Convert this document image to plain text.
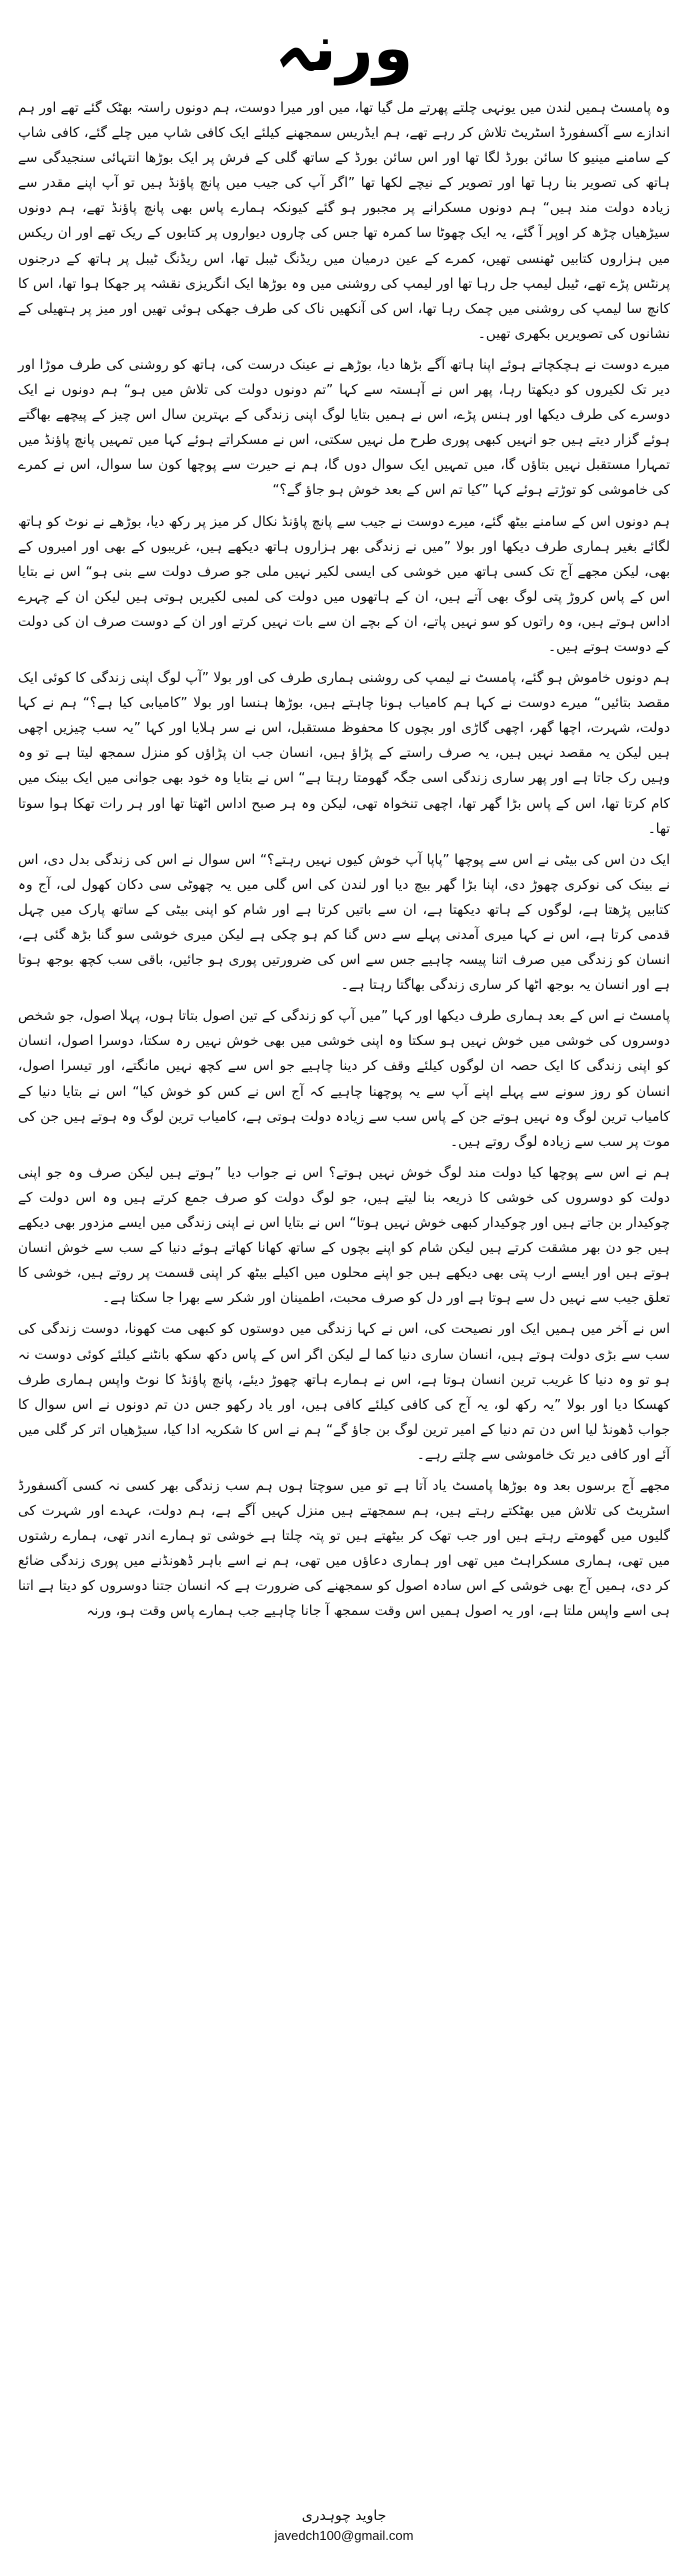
ورنہ

وہ پامسٹ ہمیں لندن میں یونہی چلتے پھرتے مل گیا تھا، میں اور میرا دوست، ہم دونوں راستہ بھٹک گئے تھے اور ہم اندازے سے آکسفورڈ اسٹریٹ تلاش کر رہے تھے، ہم ایڈریس سمجھنے کیلئے ایک کافی شاپ میں چلے گئے، کافی شاپ کے سامنے مینیو کا سائن بورڈ لگا تھا اور اس سائن بورڈ کے ساتھ گلی کے فرش پر ایک بوڑھا انتہائی سنجیدگی سے ہاتھ کی تصویر بنا رہا تھا اور تصویر کے نیچے لکھا تھا ”اگر آپ کی جیب میں پانچ پاؤنڈ ہیں تو آپ اپنے مقدر سے زیادہ دولت مند ہیں“ ہم دونوں مسکرانے پر مجبور ہو گئے کیونکہ ہمارے پاس بھی پانچ پاؤنڈ تھے، ہم دونوں سیڑھیاں چڑھ کر اوپر آ گئے، یہ ایک چھوٹا سا کمرہ تھا جس کی چاروں دیواروں پر کتابوں کے ریک تھے اور ان ریکس میں ہزاروں کتابیں ٹھنسی تھیں، کمرے کے عین درمیان میں ریڈنگ ٹیبل تھا، اس ریڈنگ ٹیبل پر ہاتھ کے درجنوں پرنٹس پڑے تھے، ٹیبل لیمپ جل رہا تھا اور لیمپ کی روشنی میں وہ بوڑھا ایک انگریزی نقشہ پر جھکا ہوا تھا، اس کا کانچ سا لیمپ کی روشنی میں چمک رہا تھا، اس کی آنکھیں ناک کی طرف جھکی ہوئی تھیں اور میز پر ہتھیلی کے نشانوں کی تصویریں بکھری تھیں۔

میرے دوست نے ہچکچاتے ہوئے اپنا ہاتھ آگے بڑھا دیا، بوڑھے نے عینک درست کی، ہاتھ کو روشنی کی طرف موڑا اور دیر تک لکیروں کو دیکھتا رہا، پھر اس نے آہستہ سے کہا ”تم دونوں دولت کی تلاش میں ہو“ ہم دونوں نے ایک دوسرے کی طرف دیکھا اور ہنس پڑے، اس نے ہمیں بتایا لوگ اپنی زندگی کے بہترین سال اس چیز کے پیچھے بھاگتے ہوئے گزار دیتے ہیں جو انہیں کبھی پوری طرح مل نہیں سکتی، اس نے مسکراتے ہوئے کہا میں تمہیں پانچ پاؤنڈ میں تمہارا مستقبل نہیں بتاؤں گا، میں تمہیں ایک سوال دوں گا، ہم نے حیرت سے پوچھا کون سا سوال، اس نے کمرے کی خاموشی کو توڑتے ہوئے کہا ”کیا تم اس کے بعد خوش ہو جاؤ گے؟“

ہم دونوں اس کے سامنے بیٹھ گئے، میرے دوست نے جیب سے پانچ پاؤنڈ نکال کر میز پر رکھ دیا، بوڑھے نے نوٹ کو ہاتھ لگائے بغیر ہماری طرف دیکھا اور بولا ”میں نے زندگی بھر ہزاروں ہاتھ دیکھے ہیں، غریبوں کے بھی اور امیروں کے بھی، لیکن مجھے آج تک کسی ہاتھ میں خوشی کی ایسی لکیر نہیں ملی جو صرف دولت سے بنی ہو“ اس نے بتایا اس کے پاس کروڑ پتی لوگ بھی آتے ہیں، ان کے ہاتھوں میں دولت کی لمبی لکیریں ہوتی ہیں لیکن ان کے چہرے اداس ہوتے ہیں، وہ راتوں کو سو نہیں پاتے، ان کے بچے ان سے بات نہیں کرتے اور ان کے دوست صرف ان کی دولت کے دوست ہوتے ہیں۔

ہم دونوں خاموش ہو گئے، پامسٹ نے لیمپ کی روشنی ہماری طرف کی اور بولا ”آپ لوگ اپنی زندگی کا کوئی ایک مقصد بتائیں“ میرے دوست نے کہا ہم کامیاب ہونا چاہتے ہیں، بوڑھا ہنسا اور بولا ”کامیابی کیا ہے؟“ ہم نے کہا دولت، شہرت، اچھا گھر، اچھی گاڑی اور بچوں کا محفوظ مستقبل، اس نے سر ہلایا اور کہا ”یہ سب چیزیں اچھی ہیں لیکن یہ مقصد نہیں ہیں، یہ صرف راستے کے پڑاؤ ہیں، انسان جب ان پڑاؤں کو منزل سمجھ لیتا ہے تو وہ وہیں رک جاتا ہے اور پھر ساری زندگی اسی جگہ گھومتا رہتا ہے“ اس نے بتایا وہ خود بھی جوانی میں ایک بینک میں کام کرتا تھا، اس کے پاس بڑا گھر تھا، اچھی تنخواہ تھی، لیکن وہ ہر صبح اداس اٹھتا تھا اور ہر رات تھکا ہوا سوتا تھا۔

ایک دن اس کی بیٹی نے اس سے پوچھا ”پاپا آپ خوش کیوں نہیں رہتے؟“ اس سوال نے اس کی زندگی بدل دی، اس نے بینک کی نوکری چھوڑ دی، اپنا بڑا گھر بیچ دیا اور لندن کی اس گلی میں یہ چھوٹی سی دکان کھول لی، آج وہ کتابیں پڑھتا ہے، لوگوں کے ہاتھ دیکھتا ہے، ان سے باتیں کرتا ہے اور شام کو اپنی بیٹی کے ساتھ پارک میں چہل قدمی کرتا ہے، اس نے کہا میری آمدنی پہلے سے دس گنا کم ہو چکی ہے لیکن میری خوشی سو گنا بڑھ گئی ہے، انسان کو زندگی میں صرف اتنا پیسہ چاہیے جس سے اس کی ضرورتیں پوری ہو جائیں، باقی سب کچھ بوجھ ہوتا ہے اور انسان یہ بوجھ اٹھا کر ساری زندگی بھاگتا رہتا ہے۔

پامسٹ نے اس کے بعد ہماری طرف دیکھا اور کہا ”میں آپ کو زندگی کے تین اصول بتاتا ہوں، پہلا اصول، جو شخص دوسروں کی خوشی میں خوش نہیں ہو سکتا وہ اپنی خوشی میں بھی خوش نہیں رہ سکتا، دوسرا اصول، انسان کو اپنی زندگی کا ایک حصہ ان لوگوں کیلئے وقف کر دینا چاہیے جو اس سے کچھ نہیں مانگتے، اور تیسرا اصول، انسان کو روز سونے سے پہلے اپنے آپ سے یہ پوچھنا چاہیے کہ آج اس نے کس کو خوش کیا“ اس نے بتایا دنیا کے کامیاب ترین لوگ وہ نہیں ہوتے جن کے پاس سب سے زیادہ دولت ہوتی ہے، کامیاب ترین لوگ وہ ہوتے ہیں جن کی موت پر سب سے زیادہ لوگ روتے ہیں۔

ہم نے اس سے پوچھا کیا دولت مند لوگ خوش نہیں ہوتے؟ اس نے جواب دیا ”ہوتے ہیں لیکن صرف وہ جو اپنی دولت کو دوسروں کی خوشی کا ذریعہ بنا لیتے ہیں، جو لوگ دولت کو صرف جمع کرتے ہیں وہ اس دولت کے چوکیدار بن جاتے ہیں اور چوکیدار کبھی خوش نہیں ہوتا“ اس نے بتایا اس نے اپنی زندگی میں ایسے مزدور بھی دیکھے ہیں جو دن بھر مشقت کرتے ہیں لیکن شام کو اپنے بچوں کے ساتھ کھانا کھاتے ہوئے دنیا کے سب سے خوش انسان ہوتے ہیں اور ایسے ارب پتی بھی دیکھے ہیں جو اپنے محلوں میں اکیلے بیٹھ کر اپنی قسمت پر روتے ہیں، خوشی کا تعلق جیب سے نہیں دل سے ہوتا ہے اور دل کو صرف محبت، اطمینان اور شکر سے بھرا جا سکتا ہے۔

اس نے آخر میں ہمیں ایک اور نصیحت کی، اس نے کہا زندگی میں دوستوں کو کبھی مت کھونا، دوست زندگی کی سب سے بڑی دولت ہوتے ہیں، انسان ساری دنیا کما لے لیکن اگر اس کے پاس دکھ سکھ بانٹنے کیلئے کوئی دوست نہ ہو تو وہ دنیا کا غریب ترین انسان ہوتا ہے، اس نے ہمارے ہاتھ چھوڑ دیئے، پانچ پاؤنڈ کا نوٹ واپس ہماری طرف کھسکا دیا اور بولا ”یہ رکھ لو، یہ آج کی کافی کیلئے کافی ہیں، اور یاد رکھو جس دن تم دونوں نے اس سوال کا جواب ڈھونڈ لیا اس دن تم دنیا کے امیر ترین لوگ بن جاؤ گے“ ہم نے اس کا شکریہ ادا کیا، سیڑھیاں اتر کر گلی میں آئے اور کافی دیر تک خاموشی سے چلتے رہے۔

مجھے آج برسوں بعد وہ بوڑھا پامسٹ یاد آتا ہے تو میں سوچتا ہوں ہم سب زندگی بھر کسی نہ کسی آکسفورڈ اسٹریٹ کی تلاش میں بھٹکتے رہتے ہیں، ہم سمجھتے ہیں منزل کہیں آگے ہے، ہم دولت، عہدے اور شہرت کی گلیوں میں گھومتے رہتے ہیں اور جب تھک کر بیٹھتے ہیں تو پتہ چلتا ہے خوشی تو ہمارے اندر تھی، ہمارے رشتوں میں تھی، ہماری مسکراہٹ میں تھی اور ہماری دعاؤں میں تھی، ہم نے اسے باہر ڈھونڈنے میں پوری زندگی ضائع کر دی، ہمیں آج بھی خوشی کے اس سادہ اصول کو سمجھنے کی ضرورت ہے کہ انسان جتنا دوسروں کو دیتا ہے اتنا ہی اسے واپس ملتا ہے، اور یہ اصول ہمیں اس وقت سمجھ آ جانا چاہیے جب ہمارے پاس وقت ہو، ورنہ

جاوید چوہدری
javedch100@gmail.com
